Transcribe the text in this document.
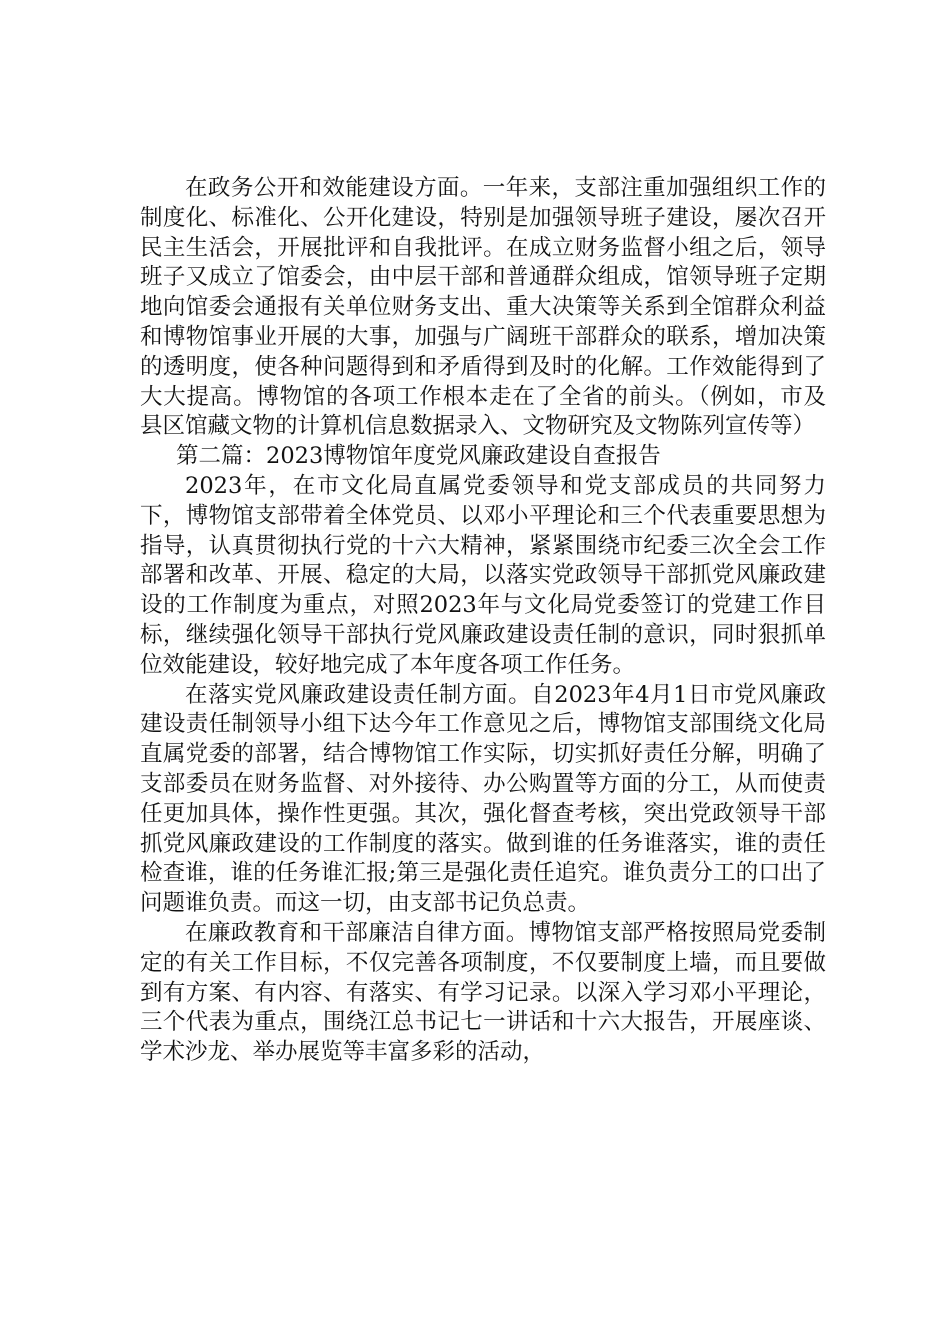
在政务公开和效能建设方面。一年来，支部注重加强组织工作的制度化、标准化、公开化建设，特别是加强领导班子建设，屡次召开民主生活会，开展批评和自我批评。在成立财务监督小组之后，领导班子又成立了馆委会，由中层干部和普通群众组成，馆领导班子定期地向馆委会通报有关单位财务支出、重大决策等关系到全馆群众利益和博物馆事业开展的大事，加强与广阔班干部群众的联系，增加决策的透明度，使各种问题得到和矛盾得到及时的化解。工作效能得到了大大提高。博物馆的各项工作根本走在了全省的前头。（例如，市及县区馆藏文物的计算机信息数据录入、文物研究及文物陈列宣传等）

第二篇：2023博物馆年度党风廉政建设自查报告

2023年，在市文化局直属党委领导和党支部成员的共同努力下，博物馆支部带着全体党员、以邓小平理论和三个代表重要思想为指导，认真贯彻执行党的十六大精神，紧紧围绕市纪委三次全会工作部署和改革、开展、稳定的大局，以落实党政领导干部抓党风廉政建设的工作制度为重点，对照2023年与文化局党委签订的党建工作目标，继续强化领导干部执行党风廉政建设责任制的意识，同时狠抓单位效能建设，较好地完成了本年度各项工作任务。

在落实党风廉政建设责任制方面。自2023年4月1日市党风廉政建设责任制领导小组下达今年工作意见之后，博物馆支部围绕文化局直属党委的部署，结合博物馆工作实际，切实抓好责任分解，明确了支部委员在财务监督、对外接待、办公购置等方面的分工，从而使责任更加具体，操作性更强。其次，强化督查考核，突出党政领导干部抓党风廉政建设的工作制度的落实。做到谁的任务谁落实，谁的责任检查谁，谁的任务谁汇报;第三是强化责任追究。谁负责分工的口出了问题谁负责。而这一切，由支部书记负总责。

在廉政教育和干部廉洁自律方面。博物馆支部严格按照局党委制定的有关工作目标，不仅完善各项制度，不仅要制度上墙，而且要做到有方案、有内容、有落实、有学习记录。以深入学习邓小平理论，三个代表为重点，围绕江总书记七一讲话和十六大报告，开展座谈、学术沙龙、举办展览等丰富多彩的活动，
